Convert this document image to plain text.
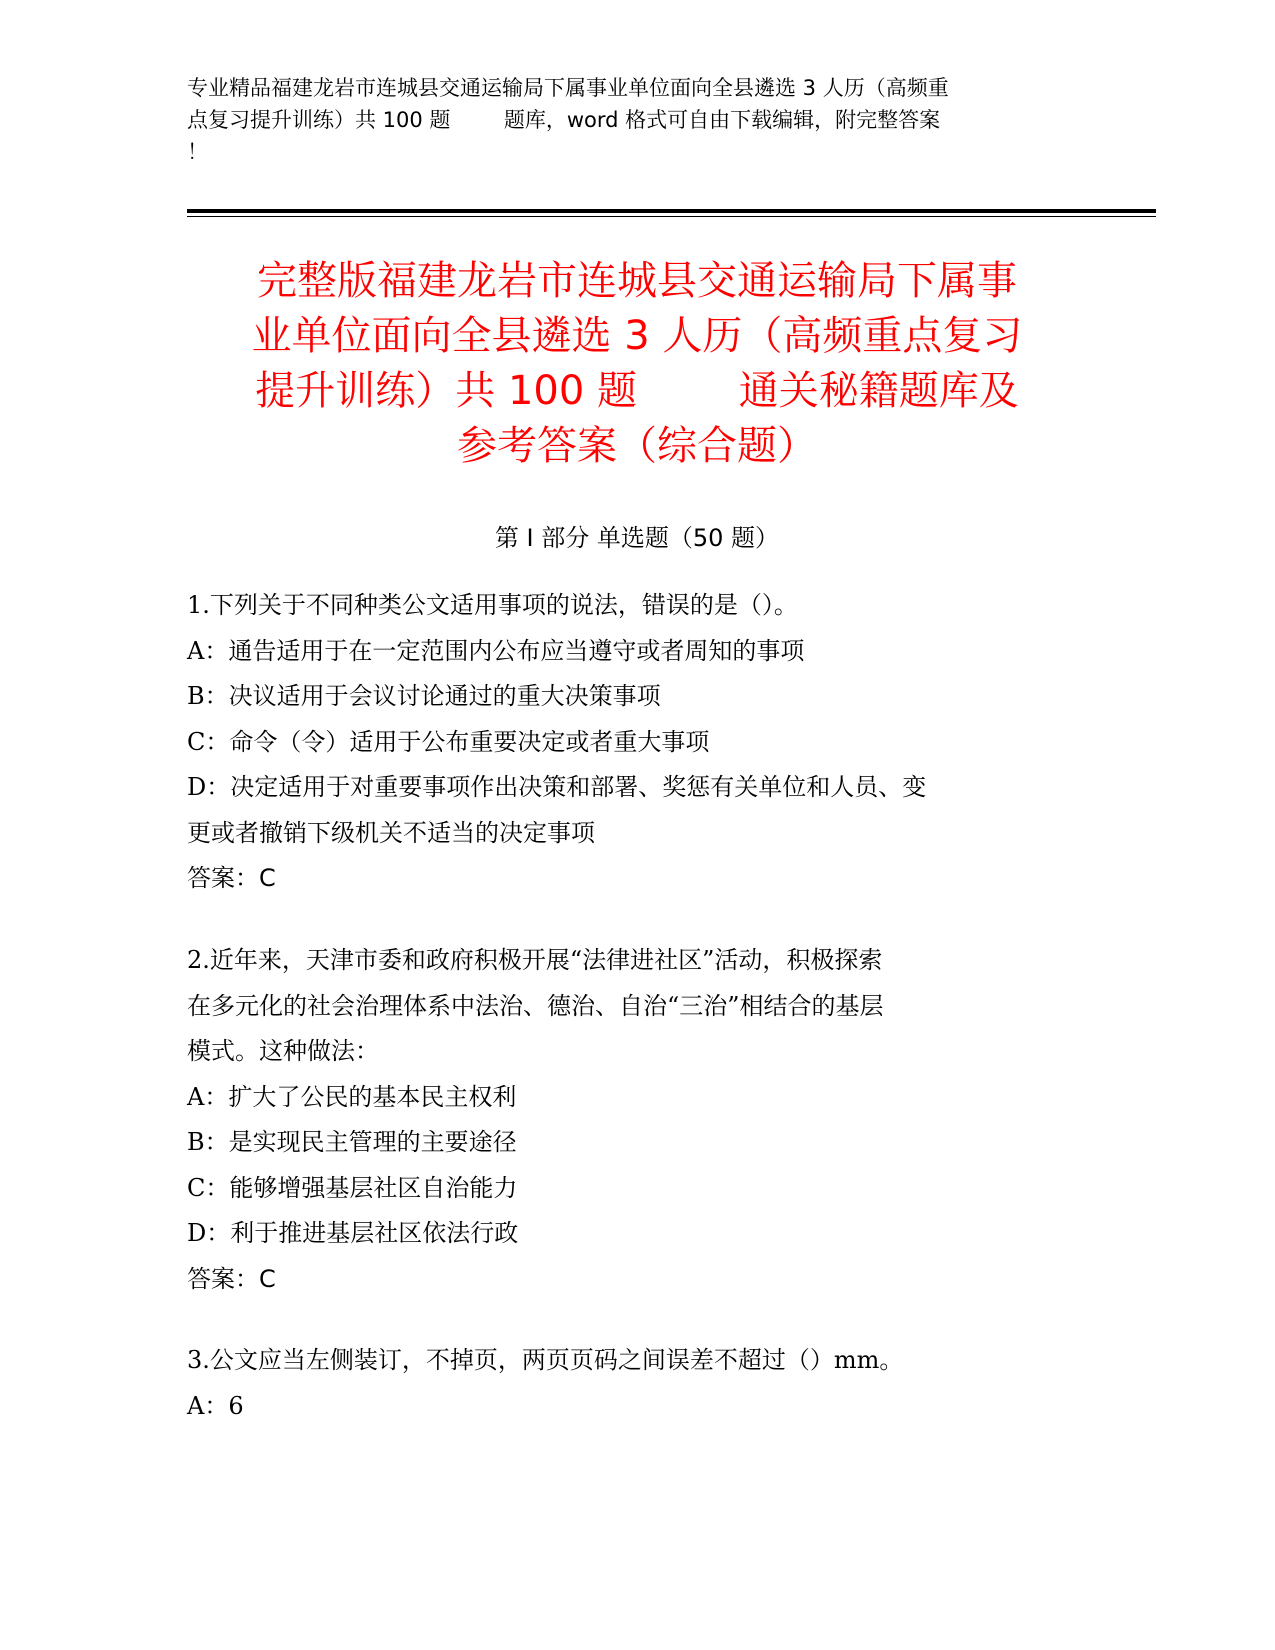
专业精品福建龙岩市连城县交通运输局下属事业单位面向全县遴选 3 人历（高频重
点复习提升训练）共 100 题        题库，word 格式可自由下载编辑，附完整答案
！
完整版福建龙岩市连城县交通运输局下属事
业单位面向全县遴选 3 人历（高频重点复习
提升训练）共 100 题        通关秘籍题库及
参考答案（综合题）
第 I 部分 单选题（50 题）
1.下列关于不同种类公文适用事项的说法，错误的是（）。
A：通告适用于在一定范围内公布应当遵守或者周知的事项
B：决议适用于会议讨论通过的重大决策事项
C：命令（令）适用于公布重要决定或者重大事项
D：决定适用于对重要事项作出决策和部署、奖惩有关单位和人员、变
更或者撤销下级机关不适当的决定事项
答案：C
2.近年来，天津市委和政府积极开展“法律进社区”活动，积极探索
在多元化的社会治理体系中法治、德治、自治“三治”相结合的基层
模式。这种做法：
A：扩大了公民的基本民主权利
B：是实现民主管理的主要途径
C：能够增强基层社区自治能力
D：利于推进基层社区依法行政
答案：C
3.公文应当左侧装订，不掉页，两页页码之间误差不超过（）mm。
A：6
